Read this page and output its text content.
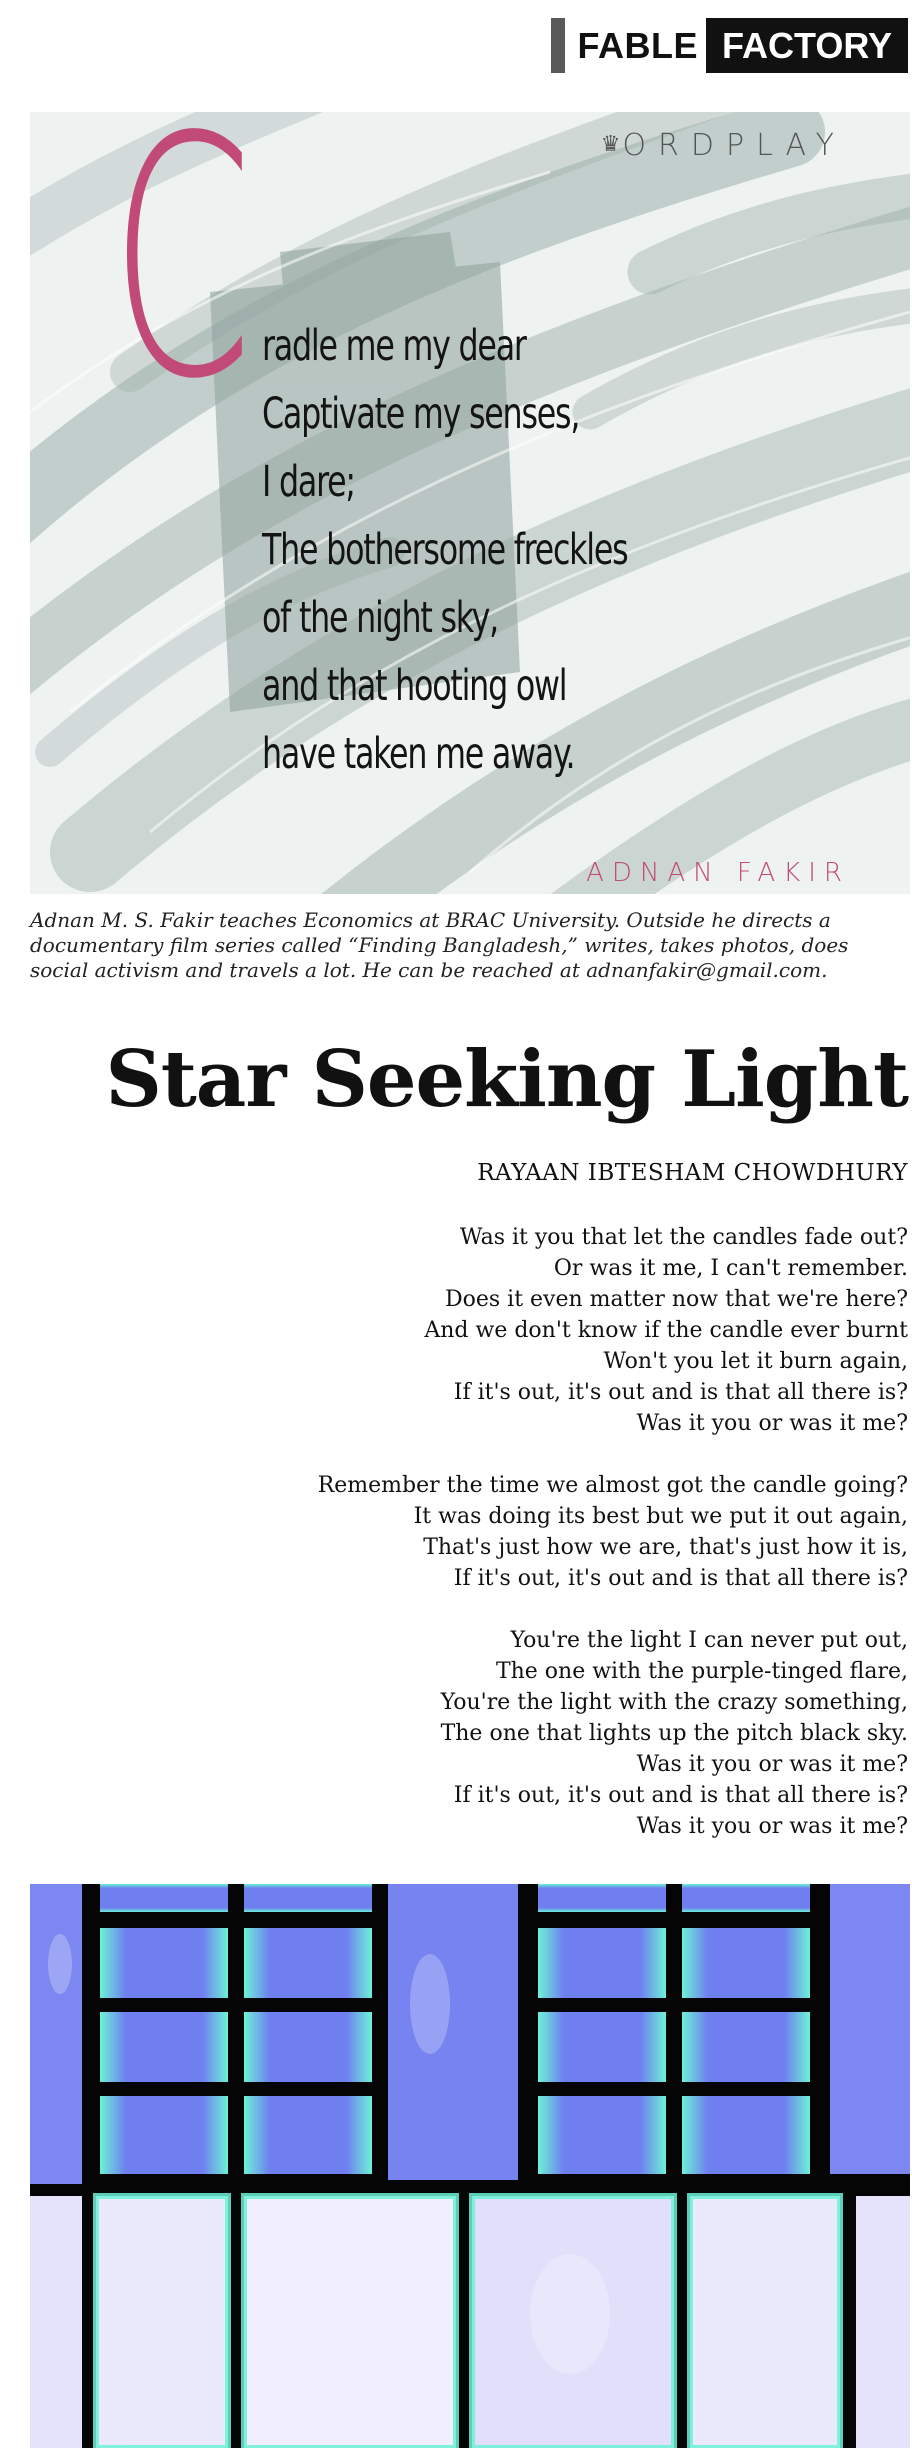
FABLE FACTORY
♛ORDPLAY
C radle me my dear
Captivate my senses,
I dare;
The bothersome freckles
of the night sky,
and that hooting owl
have taken me away.
ADNAN FAKIR
Adnan M. S. Fakir teaches Economics at BRAC University. Outside he directs a documentary film series called “Finding Bangladesh,” writes, takes photos, does social activism and travels a lot. He can be reached at adnanfakir@gmail.com.
Star Seeking Light
RAYAAN IBTESHAM CHOWDHURY
Was it you that let the candles fade out?
Or was it me, I can't remember.
Does it even matter now that we're here?
And we don't know if the candle ever burnt
Won't you let it burn again,
If it's out, it's out and is that all there is?
Was it you or was it me?
Remember the time we almost got the candle going?
It was doing its best but we put it out again,
That's just how we are, that's just how it is,
If it's out, it's out and is that all there is?
You're the light I can never put out,
The one with the purple-tinged flare,
You're the light with the crazy something,
The one that lights up the pitch black sky.
Was it you or was it me?
If it's out, it's out and is that all there is?
Was it you or was it me?
